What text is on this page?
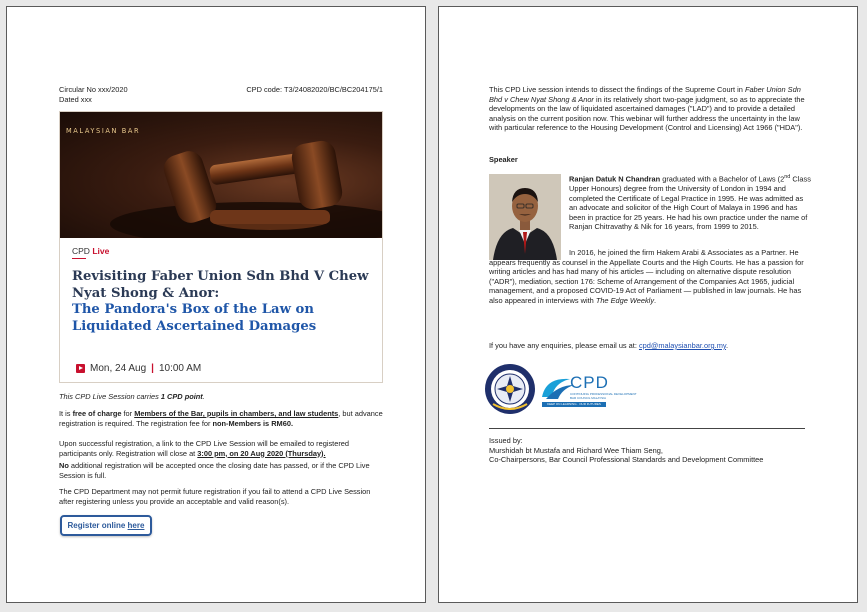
Circular No xxx/2020
Dated xxx
CPD code: T3/24082020/BC/BC204175/1
MALAYSIAN BAR
CPD Live
Revisiting Faber Union Sdn Bhd V Chew Nyat Shong & Anor:
The Pandora's Box of the Law on Liquidated Ascertained Damages
Mon, 24 Aug | 10:00 AM
This CPD Live Session carries 1 CPD point.
It is free of charge for Members of the Bar, pupils in chambers, and law students, but advance registration is required. The registration fee for non-Members is RM60.
Upon successful registration, a link to the CPD Live Session will be emailed to registered participants only. Registration will close at 3:00 pm, on 20 Aug 2020 (Thursday).
No additional registration will be accepted once the closing date has passed, or if the CPD Live Session is full.
The CPD Department may not permit future registration if you fail to attend a CPD Live Session after registering unless you provide an acceptable and valid reason(s).
Register online here
This CPD Live session intends to dissect the findings of the Supreme Court in Faber Union Sdn Bhd v Chew Nyat Shong & Anor in its relatively short two-page judgment, so as to appreciate the developments on the law of liquidated ascertained damages ("LAD") and to provide a detailed analysis on the current position now. This webinar will further address the uncertainty in the law with particular reference to the Housing Development (Control and Licensing) Act 1966 ("HDA").
Speaker
Ranjan Datuk N Chandran graduated with a Bachelor of Laws (2nd Class Upper Honours) degree from the University of London in 1994 and completed the Certificate of Legal Practice in 1995. He was admitted as an advocate and solicitor of the High Court of Malaya in 1996 and has been in practice for 25 years. He had his own practice under the name of Ranjan Chitravathy & Nik for 16 years, from 1999 to 2015.
In 2016, he joined the firm Hakem Arabi & Associates as a Partner. He appears frequently as counsel in the Appellate Courts and the High Courts. He has a passion for writing articles and has had many of his articles — including on alternative dispute resolution ("ADR"), mediation, section 176: Scheme of Arrangement of the Companies Act 1965, judicial management, and a proposed COVID-19 Act of Parliament — published in law journals. He has also appeared in interviews with The Edge Weekly.
If you have any enquiries, please email us at: cpd@malaysianbar.org.my.
CPD
CONTINUING PROFESSIONAL DEVELOPMENT
BAR COUNCIL MALAYSIA
KEEP ON LEARNING · OUR FUTURES
Issued by:
Murshidah bt Mustafa and Richard Wee Thiam Seng,
Co-Chairpersons, Bar Council Professional Standards and Development Committee
